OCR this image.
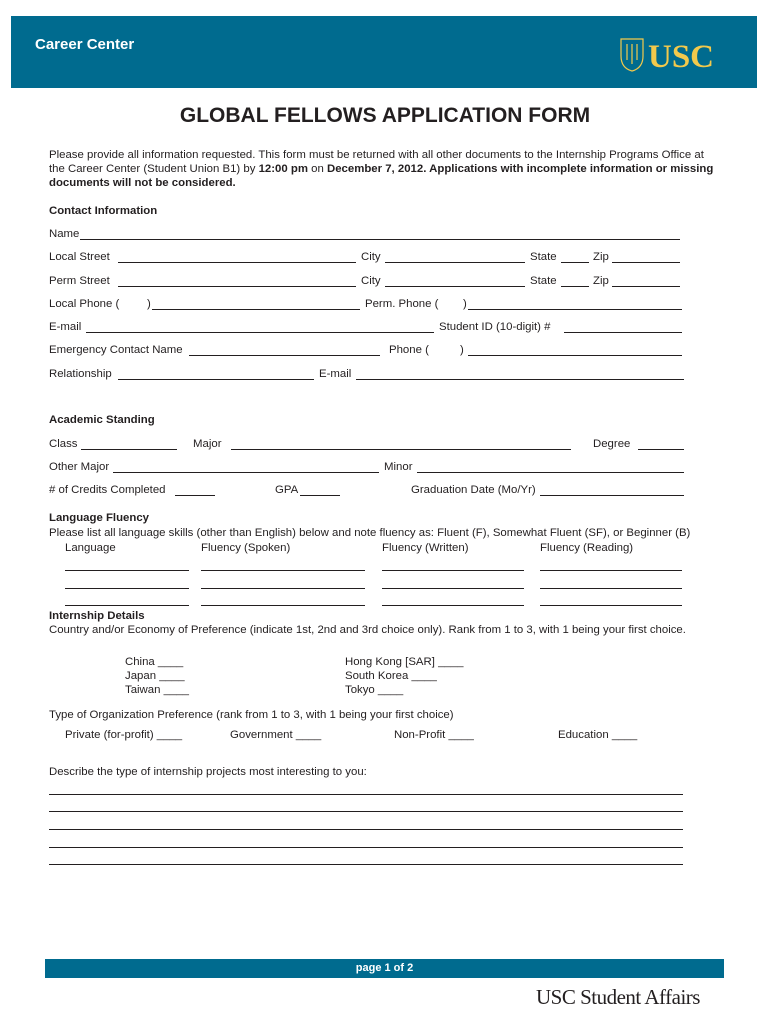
Career Center	USC
GLOBAL FELLOWS APPLICATION FORM
Please provide all information requested. This form must be returned with all other documents to the Internship Programs Office at the Career Center (Student Union B1) by 12:00 pm on December 7, 2012. Applications with incomplete information or missing documents will not be considered.
Contact Information
Name
Local Street	City	State	Zip
Perm Street	City	State	Zip
Local Phone ( )	Perm. Phone ( )
E-mail	Student ID (10-digit) #
Emergency Contact Name	Phone (	)
Relationship	E-mail
Academic Standing
Class	Major	Degree
Other Major	Minor
# of Credits Completed	GPA	Graduation Date (Mo/Yr)
Language Fluency
Please list all language skills (other than English) below and note fluency as: Fluent (F), Somewhat Fluent (SF), or Beginner (B)
Language	Fluency (Spoken)	Fluency (Written)	Fluency (Reading)
Internship Details
Country and/or Economy of Preference (indicate 1st, 2nd and 3rd choice only). Rank from 1 to 3, with 1 being your first choice.
China ____
Japan ____
Taiwan ____
Hong Kong [SAR] ____
South Korea ____
Tokyo ____
Type of Organization Preference (rank from 1 to 3, with 1 being your first choice)
Private (for-profit) ____	Government ____	Non-Profit ____	Education ____
Describe the type of internship projects most interesting to you:
page 1 of 2
USC Student Affairs
